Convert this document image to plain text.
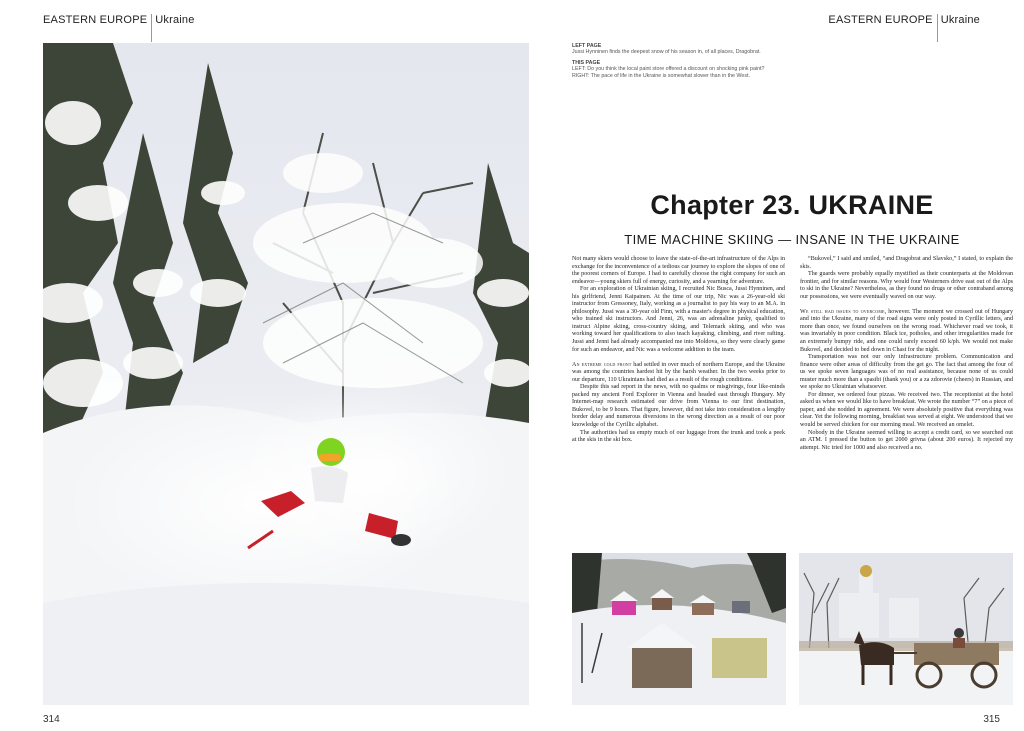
EASTERN EUROPE Ukraine	EASTERN EUROPE Ukraine
LEFT PAGE
Jussi Hynninen finds the deepest snow of his season in, of all places, Dragobrat.
THIS PAGE
LEFT: Do you think the local paint store offered a discount on shocking pink paint?
RIGHT: The pace of life in the Ukraine is somewhat slower than in the West.
Chapter 23. UKRAINE
TIME MACHINE SKIING — INSANE IN THE UKRAINE

Not many skiers would choose to leave the state-of-the-art infrastructure of the Alps in exchange for the inconvenience of a tedious car journey to explore the slopes of one of the poorest corners of Europe. I had to carefully choose the right company for such an endeavor—young skiers full of energy, curiosity, and a yearning for adventure.

For an exploration of Ukrainian skiing, I recruited Nic Busca, Jussi Hynninen, and his girlfriend, Jenni Kaipainen. At the time of our trip, Nic was a 26-year-old ski instructor from Gressoney, Italy, working as a journalist to pay his way to an M.A. in philosophy. Jussi was a 30-year old Finn, with a master's degree in physical education, who trained ski instructors. And Jenni, 26, was an adrenaline junky, qualified to instruct Alpine skiing, cross-country skiing, and Telemark skiing, and who was working toward her qualifications to also teach kayaking, climbing, and river rafting. Jussi and Jenni had already accompanied me into Moldova, so they were clearly game for such an endeavor, and Nic was a welcome addition to the team.

An extreme cold front had settled in over much of northern Europe, and the Ukraine was among the countries hardest hit by the harsh weather. In the two weeks prior to our departure, 110 Ukrainians had died as a result of the rough conditions.

Despite this sad report in the news, with no qualms or misgivings, four like-minds packed my ancient Ford Explorer in Vienna and headed east through Hungary. My Internet-map research estimated our drive from Vienna to our first destination, Bukovel, to be 9 hours. That figure, however, did not take into consideration a lengthy border delay and numerous diversions in the wrong direction as a result of our poor knowledge of the Cyrillic alphabet.

The authorities had us empty much of our luggage from the trunk and took a peek at the skis in the ski box.

“Bukovel,” I said and smiled, “and Dragobrat and Slavsko,” I stated, to explain the skis.

The guards were probably equally mystified as their counterparts at the Moldovan frontier, and for similar reasons. Why would four Westerners drive east out of the Alps to ski in the Ukraine? Nevertheless, as they found no drugs or other contraband among our possessions, we were eventually waved on our way.

We still had issues to overcome, however. The moment we crossed out of Hungary and into the Ukraine, many of the road signs were only posted in Cyrillic letters, and more than once, we found ourselves on the wrong road. Whichever road we took, it was invariably in poor condition. Black ice, potholes, and other irregularities made for an extremely bumpy ride, and one could rarely exceed 60 k/ph. We would not make Bukovel, and decided to bed down in Chast for the night.

Transportation was not our only infrastructure problem. Communication and finance were other areas of difficulty from the get go. The fact that among the four of us we spoke seven languages was of no real assistance, because none of us could muster much more than a spasibi (thank you) or a za zdorovie (cheers) in Russian, and we spoke no Ukrainian whatsoever.

For dinner, we ordered four pizzas. We received two. The receptionist at the hotel asked us when we would like to have breakfast. We wrote the number “7” on a piece of paper, and she nodded in agreement. We were absolutely positive that everything was clear. Yet the following morning, breakfast was served at eight. We understood that we would be served chicken for our morning meal. We received an omelet.

Nobody in the Ukraine seemed willing to accept a credit card, so we searched out an ATM. I pressed the button to get 2000 grivna (about 200 euros). It rejected my attempt. Nic tried for 1000 and also received a no.

314	315
